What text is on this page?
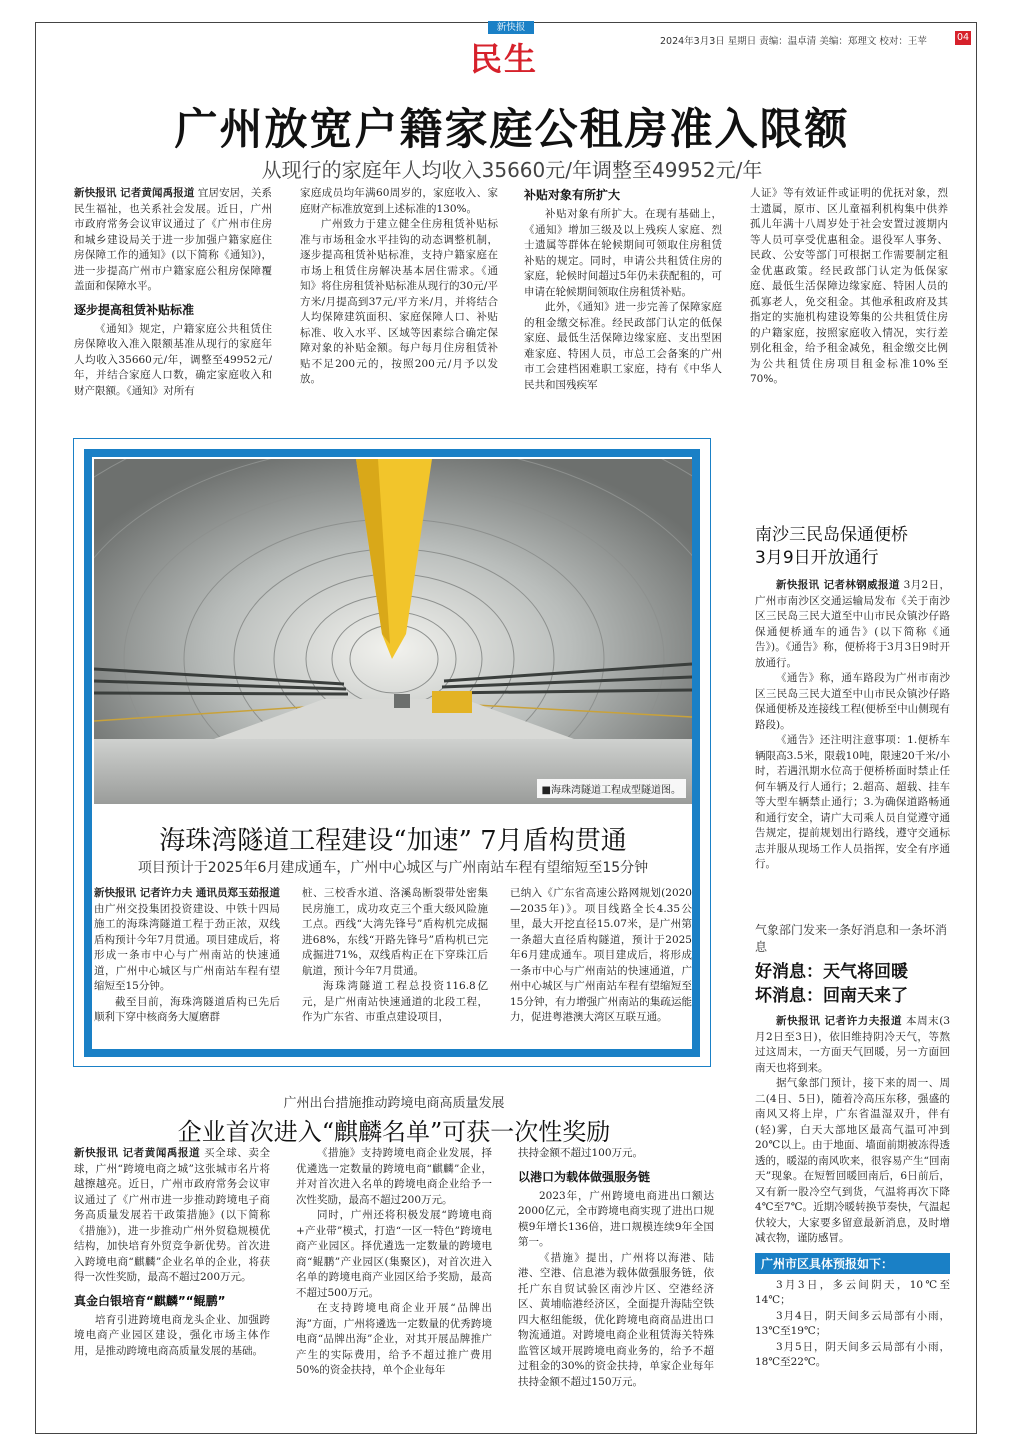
新快报
民生	2024年3月3日 星期日 责编：温卓清 美编：郑理文 校对：王苹	04
广州放宽户籍家庭公租房准入限额
从现行的家庭年人均收入35660元/年调整至49952元/年

新快报讯 记者黄闻禹报道 宜居安居，关系民生福祉，也关系社会发展。近日，广州市政府常务会议审议通过了《广州市住房和城乡建设局关于进一步加强户籍家庭住房保障工作的通知》(以下简称《通知》)，进一步提高广州市户籍家庭公租房保障覆盖面和保障水平。

逐步提高租赁补贴标准

《通知》规定，户籍家庭公共租赁住房保障收入准入限额基准从现行的家庭年人均收入35660元/年，调整至49952元/年，并结合家庭人口数，确定家庭收入和财产限额。《通知》对所有

家庭成员均年满60周岁的，家庭收入、家庭财产标准放宽到上述标准的130%。

广州致力于建立健全住房租赁补贴标准与市场租金水平挂钩的动态调整机制，逐步提高租赁补贴标准，支持户籍家庭在市场上租赁住房解决基本居住需求。《通知》将住房租赁补贴标准从现行的30元/平方米/月提高到37元/平方米/月，并将结合人均保障建筑面积、家庭保障人口、补贴标准、收入水平、区域等因素综合确定保障对象的补贴金额。每户每月住房租赁补贴不足200元的，按照200元/月予以发放。

补贴对象有所扩大

补贴对象有所扩大。在现有基础上，《通知》增加三级及以上残疾人家庭、烈士遗属等群体在轮候期间可领取住房租赁补贴的规定。同时，申请公共租赁住房的家庭，轮候时间超过5年仍未获配租的，可申请在轮候期间领取住房租赁补贴。

此外，《通知》进一步完善了保障家庭的租金缴交标准。经民政部门认定的低保家庭、最低生活保障边缘家庭、支出型困难家庭、特困人员，市总工会备案的广州市工会建档困难职工家庭，持有《中华人民共和国残疾军

人证》等有效证件或证明的优抚对象，烈士遗属，原市、区儿童福利机构集中供养孤儿年满十八周岁处于社会安置过渡期内等人员可享受优惠租金。退役军人事务、民政、公安等部门可根据工作需要制定租金优惠政策。经民政部门认定为低保家庭、最低生活保障边缘家庭、特困人员的孤寡老人，免交租金。其他承租政府及其指定的实施机构建设筹集的公共租赁住房的户籍家庭，按照家庭收入情况，实行差别化租金，给予租金减免，租金缴交比例为公共租赁住房项目租金标准10%至70%。

■海珠湾隧道工程成型隧道图。
海珠湾隧道工程建设“加速” 7月盾构贯通
项目预计于2025年6月建成通车，广州中心城区与广州南站车程有望缩短至15分钟

新快报讯 记者许力夫 通讯员郑玉茹报道 由广州交投集团投资建设、中铁十四局施工的海珠湾隧道工程于劲正浓，双线盾构预计今年7月贯通。项目建成后，将形成一条市中心与广州南站的快速通道，广州中心城区与广州南站车程有望缩短至15分钟。

截至目前，海珠湾隧道盾构已先后顺利下穿中核商务大厦磨群

桩、三校香水道、洛溪岛断裂带处密集民房施工，成功攻克三个重大级风险施工点。西线“大湾先锋号”盾构机完成掘进68%，东线“开路先锋号”盾构机已完成掘进71%，双线盾构正在下穿珠江后航道，预计今年7月贯通。

海珠湾隧道工程总投资116.8亿元，是广州南站快速通道的北段工程，作为广东省、市重点建设项目，

已纳入《广东省高速公路网规划(2020—2035年)》。项目线路全长4.35公里，最大开挖直径15.07米，是广州第一条超大直径盾构隧道，预计于2025年6月建成通车。项目建成后，将形成一条市中心与广州南站的快速通道，广州中心城区与广州南站车程有望缩短至15分钟，有力增强广州南站的集疏运能力，促进粤港澳大湾区互联互通。

南沙三民岛保通便桥
3月9日开放通行

新快报讯 记者林钢威报道 3月2日，广州市南沙区交通运输局发布《关于南沙区三民岛三民大道至中山市民众镇沙仔路保通便桥通车的通告》(以下简称《通告》)。《通告》称，便桥将于3月3日9时开放通行。

《通告》称，通车路段为广州市南沙区三民岛三民大道至中山市民众镇沙仔路保通便桥及连接线工程(便桥至中山侧现有路段)。

《通告》还注明注意事项：1.便桥车辆限高3.5米，限载10吨，限速20千米/小时，若遇汛期水位高于便桥桥面时禁止任何车辆及行人通行；2.超高、超载、挂车等大型车辆禁止通行；3.为确保道路畅通和通行安全，请广大司乘人员自觉遵守通告规定，提前规划出行路线，遵守交通标志并服从现场工作人员指挥，安全有序通行。

气象部门发来一条好消息和一条坏消息
好消息：天气将回暖
坏消息：回南天来了

新快报讯 记者许力夫报道 本周末(3月2日至3日)，依旧维持阴冷天气，等熬过这周末，一方面天气回暖，另一方面回南天也将到来。

据气象部门预计，接下来的周一、周二(4日、5日)，随着冷高压东移，强盛的南风又将上岸，广东省温湿双升，伴有(轻)雾，白天大部地区最高气温可冲到20℃以上。由于地面、墙面前期被冻得透透的，暖湿的南风吹来，很容易产生“回南天”现象。在短暂回暖回南后，6日前后，又有新一股冷空气到货，气温将再次下降4℃至7℃。近期冷暖转换节奏快，气温起伏较大，大家要多留意最新消息，及时增减衣物，谨防感冒。

广州市区具体预报如下：

3月3日，多云间阴天，10℃至14℃；

3月4日，阴天间多云局部有小雨，13℃至19℃；

3月5日，阴天间多云局部有小雨，18℃至22℃。

广州出台措施推动跨境电商高质量发展
企业首次进入“麒麟名单”可获一次性奖励

新快报讯 记者黄闻禹报道 买全球、卖全球，广州“跨境电商之城”这张城市名片将越擦越亮。近日，广州市政府常务会议审议通过了《广州市进一步推动跨境电子商务高质量发展若干政策措施》(以下简称《措施》)，进一步推动广州外贸稳规模优结构，加快培育外贸竞争新优势。首次进入跨境电商“麒麟”企业名单的企业，将获得一次性奖励，最高不超过200万元。

真金白银培育“麒麟”“鲲鹏”

培育引进跨境电商龙头企业、加强跨境电商产业园区建设，强化市场主体作用，是推动跨境电商高质量发展的基础。

《措施》支持跨境电商企业发展，择优遴选一定数量的跨境电商“麒麟”企业，并对首次进入名单的跨境电商企业给予一次性奖励，最高不超过200万元。

同时，广州还将积极发展“跨境电商+产业带”模式，打造“一区一特色”跨境电商产业园区。择优遴选一定数量的跨境电商“鲲鹏”产业园区(集聚区)，对首次进入名单的跨境电商产业园区给予奖励，最高不超过500万元。

在支持跨境电商企业开展“品牌出海”方面，广州将遴选一定数量的优秀跨境电商“品牌出海”企业，对其开展品牌推广产生的实际费用，给予不超过推广费用50%的资金扶持，单个企业每年

扶持金额不超过100万元。

以港口为载体做强服务链

2023年，广州跨境电商进出口额达2000亿元，全市跨境电商实现了进出口规模9年增长136倍，进口规模连续9年全国第一。

《措施》提出，广州将以海港、陆港、空港、信息港为载体做强服务链，依托广东自贸试验区南沙片区、空港经济区、黄埔临港经济区，全面提升海陆空铁四大枢纽能级，优化跨境电商商品进出口物流通道。对跨境电商企业租赁海关特殊监管区域开展跨境电商业务的，给予不超过租金的30%的资金扶持，单家企业每年扶持金额不超过150万元。
